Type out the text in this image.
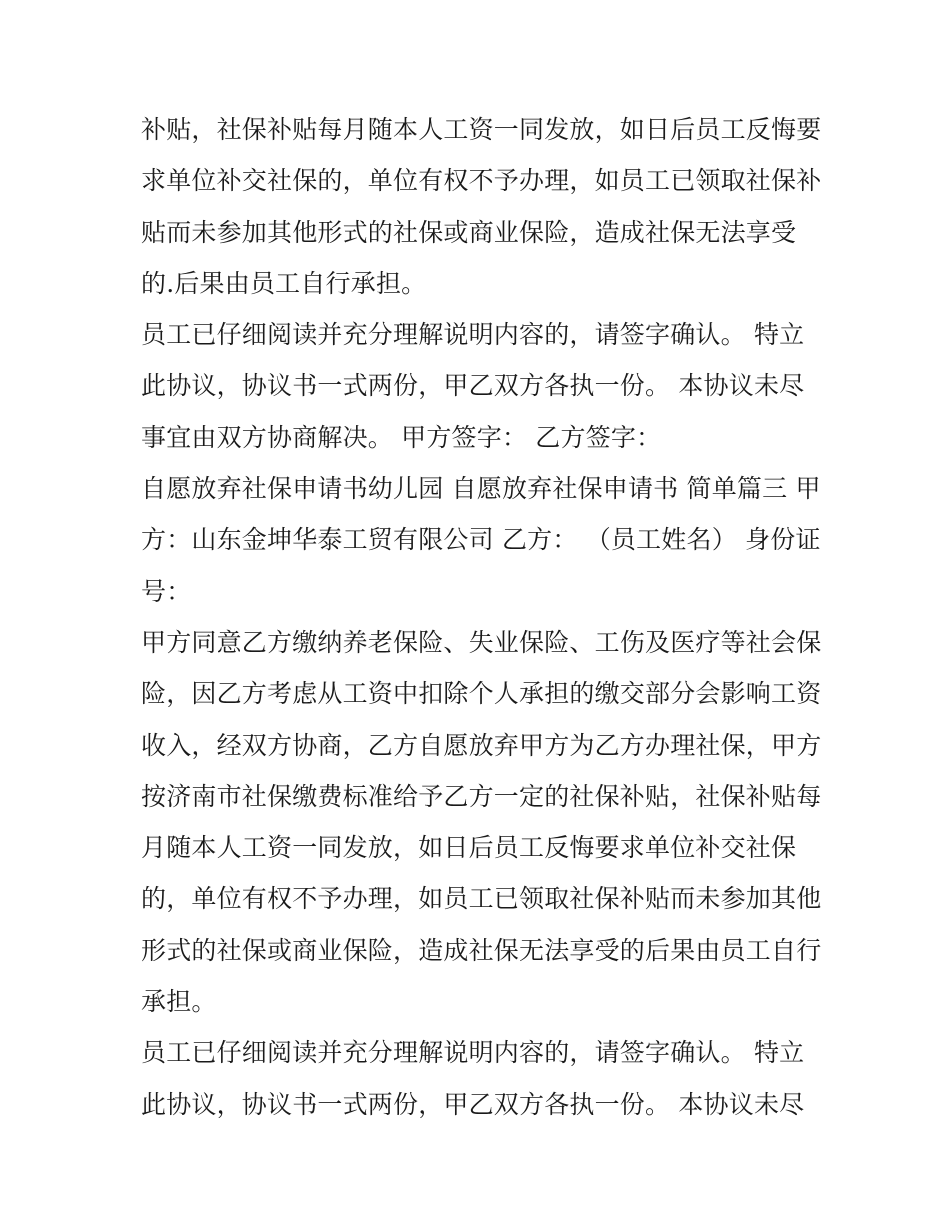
补贴，社保补贴每月随本人工资一同发放，如日后员工反悔要
求单位补交社保的，单位有权不予办理，如员工已领取社保补
贴而未参加其他形式的社保或商业保险，造成社保无法享受
的.后果由员工自行承担。
员工已仔细阅读并充分理解说明内容的，请签字确认。 特立
此协议，协议书一式两份，甲乙双方各执一份。 本协议未尽
事宜由双方协商解决。 甲方签字： 乙方签字：
自愿放弃社保申请书幼儿园 自愿放弃社保申请书 简单篇三 甲
方：山东金坤华泰工贸有限公司 乙方： （员工姓名） 身份证
号：
甲方同意乙方缴纳养老保险、失业保险、工伤及医疗等社会保
险，因乙方考虑从工资中扣除个人承担的缴交部分会影响工资
收入，经双方协商，乙方自愿放弃甲方为乙方办理社保，甲方
按济南市社保缴费标准给予乙方一定的社保补贴，社保补贴每
月随本人工资一同发放，如日后员工反悔要求单位补交社保
的，单位有权不予办理，如员工已领取社保补贴而未参加其他
形式的社保或商业保险，造成社保无法享受的后果由员工自行
承担。
员工已仔细阅读并充分理解说明内容的，请签字确认。 特立
此协议，协议书一式两份，甲乙双方各执一份。 本协议未尽
